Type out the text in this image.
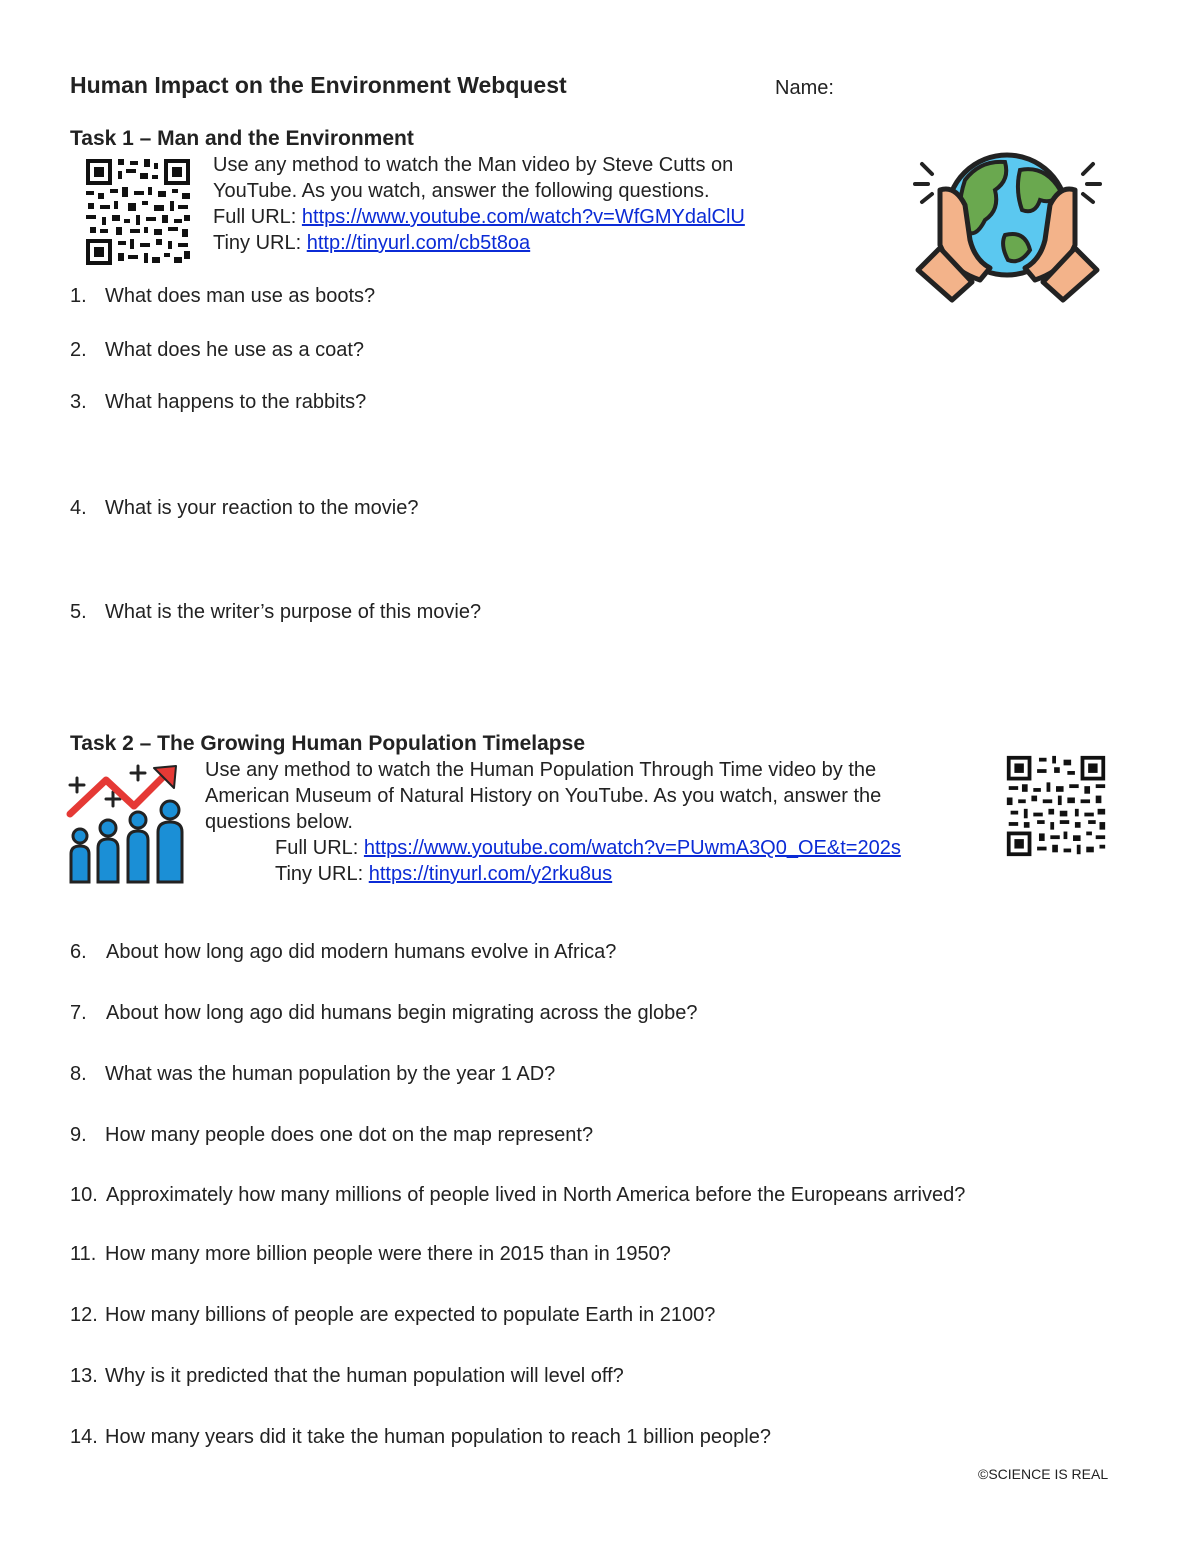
Human Impact on the Environment Webquest	Name:
Task 1 – Man and the Environment
Use any method to watch the Man video by Steve Cutts on
YouTube. As you watch, answer the following questions.
Full URL: https://www.youtube.com/watch?v=WfGMYdalClU
Tiny URL: http://tinyurl.com/cb5t8oa
1. What does man use as boots?
2. What does he use as a coat?
3. What happens to the rabbits?
4. What is your reaction to the movie?
5. What is the writer’s purpose of this movie?
Task 2 – The Growing Human Population Timelapse
Use any method to watch the Human Population Through Time video by the
American Museum of Natural History on YouTube. As you watch, answer the
questions below.
Full URL: https://www.youtube.com/watch?v=PUwmA3Q0_OE&t=202s
Tiny URL: https://tinyurl.com/y2rku8us
6. About how long ago did modern humans evolve in Africa?
7. About how long ago did humans begin migrating across the globe?
8. What was the human population by the year 1 AD?
9. How many people does one dot on the map represent?
10. Approximately how many millions of people lived in North America before the Europeans arrived?
11. How many more billion people were there in 2015 than in 1950?
12. How many billions of people are expected to populate Earth in 2100?
13. Why is it predicted that the human population will level off?
14. How many years did it take the human population to reach 1 billion people?
©SCIENCE IS REAL
